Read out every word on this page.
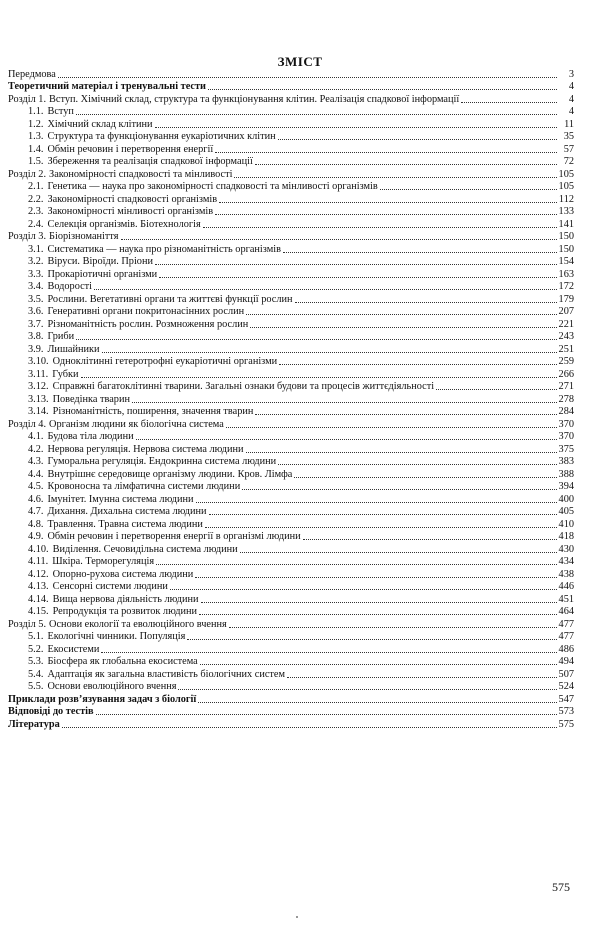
ЗМІСТ
Передмова	3
Теоретичний матеріал і тренувальні тести	4
Розділ 1. Вступ. Хімічний склад, структура та функціонування клітин. Реалізація спадкової інформації	4
1.1. Вступ	4
1.2. Хімічний склад клітини	11
1.3. Структура та функціонування еукаріотичних клітин	35
1.4. Обмін речовин і перетворення енергії	57
1.5. Збереження та реалізація спадкової інформації	72
Розділ 2. Закономірності спадковості та мінливості	105
2.1. Генетика — наука про закономірності спадковості та мінливості організмів	105
2.2. Закономірності спадковості організмів	112
2.3. Закономірності мінливості організмів	133
2.4. Селекція організмів. Біотехнологія	141
Розділ 3. Біорізноманіття	150
3.1. Систематика — наука про різноманітність організмів	150
3.2. Віруси. Віроїди. Пріони	154
3.3. Прокаріотичні організми	163
3.4. Водорості	172
3.5. Рослини. Вегетативні органи та життєві функції рослин	179
3.6. Генеративні органи покритонасінних рослин	207
3.7. Різноманітність рослин. Розмноження рослин	221
3.8. Гриби	243
3.9. Лишайники	251
3.10. Одноклітинні гетеротрофні еукаріотичні організми	259
3.11. Губки	266
3.12. Справжні багатоклітинні тварини. Загальні ознаки будови та процесів життєдіяльності	271
3.13. Поведінка тварин	278
3.14. Різноманітність, поширення, значення тварин	284
Розділ 4. Організм людини як біологічна система	370
4.1. Будова тіла людини	370
4.2. Нервова регуляція. Нервова система людини	375
4.3. Гуморальна регуляція. Ендокринна система людини	383
4.4. Внутрішнє середовище організму людини. Кров. Лімфа	388
4.5. Кровоносна та лімфатична системи людини	394
4.6. Імунітет. Імунна система людини	400
4.7. Дихання. Дихальна система людини	405
4.8. Травлення. Травна система людини	410
4.9. Обмін речовин і перетворення енергії в організмі людини	418
4.10. Виділення. Сечовидільна система людини	430
4.11. Шкіра. Терморегуляція	434
4.12. Опорно-рухова система людини	438
4.13. Сенсорні системи людини	446
4.14. Вища нервова діяльність людини	451
4.15. Репродукція та розвиток людини	464
Розділ 5. Основи екології та еволюційного вчення	477
5.1. Екологічні чинники. Популяція	477
5.2. Екосистеми	486
5.3. Біосфера як глобальна екосистема	494
5.4. Адаптація як загальна властивість біологічних систем	507
5.5. Основи еволюційного вчення	524
Приклади розв’язування задач з біології	547
Відповіді до тестів	573
Література	575
575
